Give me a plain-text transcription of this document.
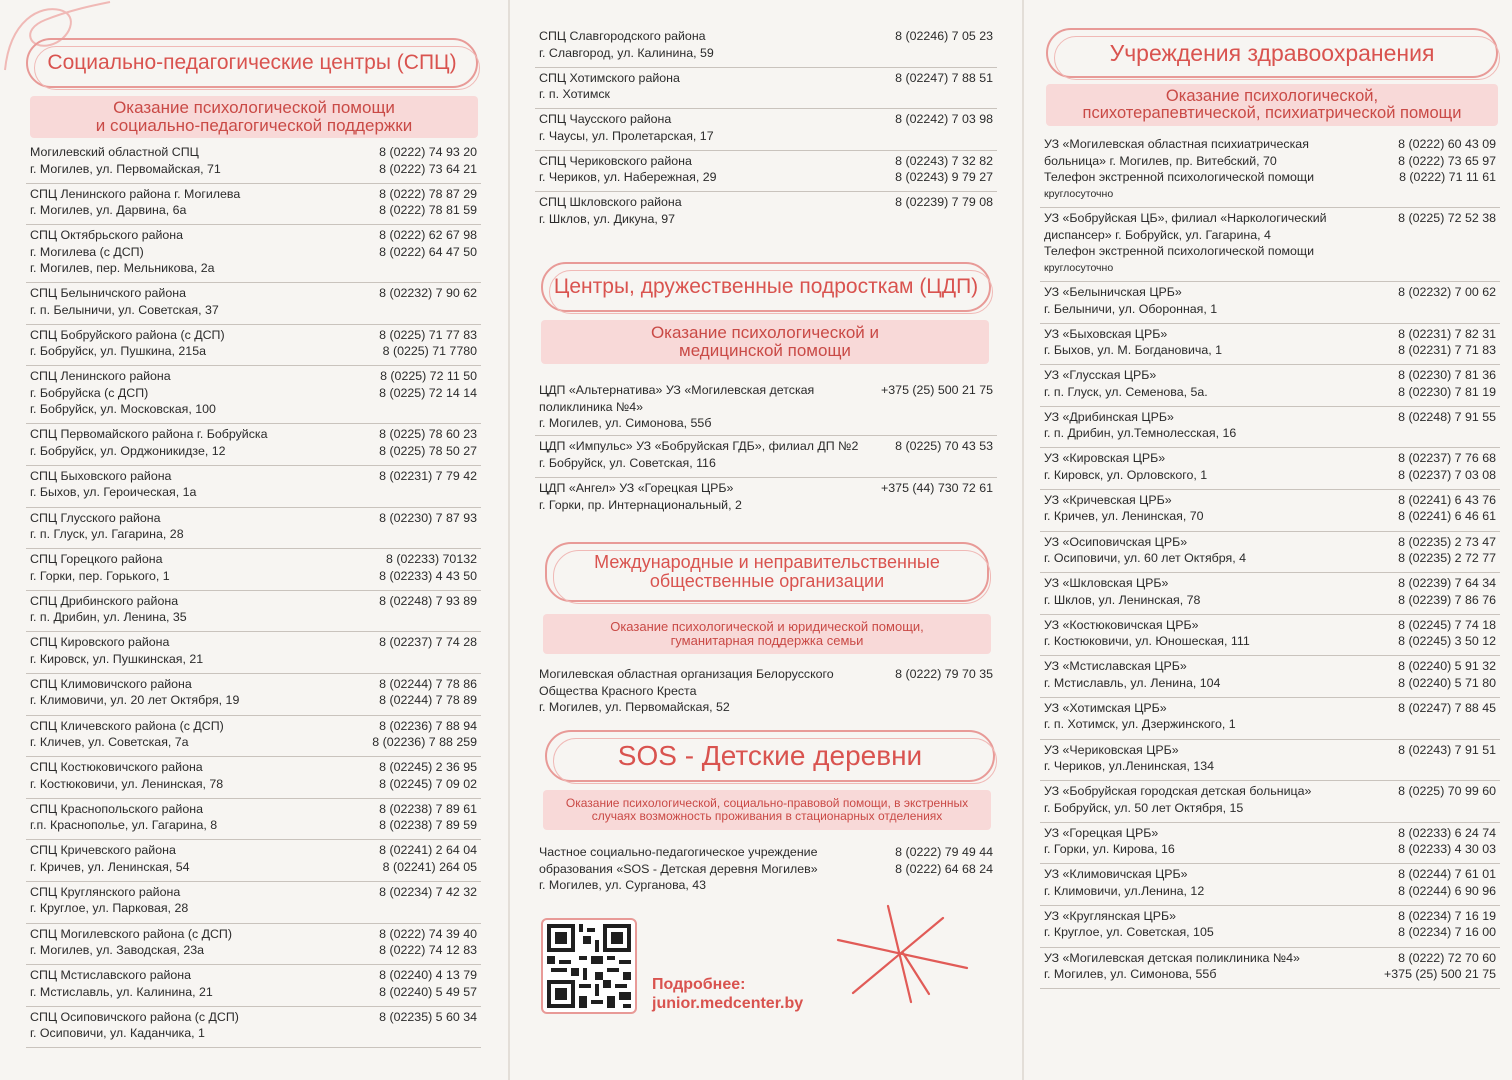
Социально-педагогические центры (СПЦ)
Оказание психологической помощи
и социально-педагогической поддержки
Могилевский областной СПЦ
г. Могилев, ул. Первомайская, 71
8 (0222) 74 93 20
8 (0222) 73 64 21
СПЦ Ленинского района г. Могилева
г. Могилев, ул. Дарвина, 6а
8 (0222) 78 87 29
8 (0222) 78 81 59
СПЦ Октябрьского района
г. Могилева (с ДСП)
г. Могилев, пер. Мельникова, 2а
8 (0222) 62 67 98
8 (0222) 64 47 50
СПЦ Белыничского района
г. п. Белыничи, ул. Советская, 37
8 (02232) 7 90 62
СПЦ Бобруйского района (с ДСП)
г. Бобруйск, ул. Пушкина, 215а
8 (0225) 71 77 83
8 (0225) 71 7780
СПЦ Ленинского района
г. Бобруйска (с ДСП)
г. Бобруйск, ул. Московская, 100
8 (0225) 72 11 50
8 (0225) 72 14 14
СПЦ Первомайского района г. Бобруйска
г. Бобруйск, ул. Орджоникидзе, 12
8 (0225) 78 60 23
8 (0225) 78 50 27
СПЦ Быховского района
г. Быхов, ул. Героическая, 1а
8 (02231) 7 79 42
СПЦ Глусского района
г. п. Глуск, ул. Гагарина, 28
8 (02230) 7 87 93
СПЦ Горецкого района
г. Горки, пер. Горького, 1
8 (02233) 70132
8 (02233) 4 43 50
СПЦ Дрибинского района
г. п. Дрибин, ул. Ленина, 35
8 (02248) 7 93 89
СПЦ Кировского района
г. Кировск, ул. Пушкинская, 21
8 (02237) 7 74 28
СПЦ Климовичского района
г. Климовичи, ул. 20 лет Октября, 19
8 (02244) 7 78 86
8 (02244) 7 78 89
СПЦ Кличевского района (с ДСП)
г. Кличев, ул. Советская, 7а
8 (02236) 7 88 94
8 (02236) 7 88 259
СПЦ Костюковичского района
г. Костюковичи, ул. Ленинская, 78
8 (02245) 2 36 95
8 (02245) 7 09 02
СПЦ Краснопольского района
г.п. Краснополье, ул. Гагарина, 8
8 (02238) 7 89 61
8 (02238) 7 89 59
СПЦ Кричевского района
г. Кричев, ул. Ленинская, 54
8 (02241) 2 64 04
8 (02241) 264 05
СПЦ Круглянского района
г. Круглое, ул. Парковая, 28
8 (02234) 7 42 32
СПЦ Могилевского района (с ДСП)
г. Могилев, ул. Заводская, 23а
8 (0222) 74 39 40
8 (0222) 74 12 83
СПЦ Мстиславского района
г. Мстиславль, ул. Калинина, 21
8 (02240) 4 13 79
8 (02240) 5 49 57
СПЦ Осиповичского района (с ДСП)
г. Осиповичи, ул. Каданчика, 1
8 (02235) 5 60 34
СПЦ Славгородского района
г. Славгород, ул. Калинина, 59
8 (02246) 7 05 23
СПЦ Хотимского района
г. п. Хотимск
8 (02247) 7 88 51
СПЦ Чаусского района
г. Чаусы, ул. Пролетарская, 17
8 (02242) 7 03 98
СПЦ Чериковского района
г. Чериков, ул. Набережная, 29
8 (02243) 7 32 82
8 (02243) 9 79 27
СПЦ Шкловского района
г. Шклов, ул. Дикуна, 97
8 (02239) 7 79 08
Центры, дружественные подросткам (ЦДП)
Оказание психологической и
медицинской помощи
ЦДП «Альтернатива» УЗ «Могилевская детская
поликлиника №4»
г. Могилев, ул. Симонова, 55б
+375 (25) 500 21 75
ЦДП «Импульс» УЗ «Бобруйская ГДБ», филиал ДП №2
г. Бобруйск, ул. Советская, 116
8 (0225) 70 43 53
ЦДП «Ангел» УЗ «Горецкая ЦРБ»
г. Горки, пр. Интернациональный, 2
+375 (44) 730 72 61
Международные и неправительственные
общественные организации
Оказание психологической и юридической помощи,
гуманитарная поддержка семьи
Могилевская областная организация Белорусского
Общества Красного Креста
г. Могилев, ул. Первомайская, 52
8 (0222) 79 70 35
SOS - Детские деревни
Оказание психологической, социально-правовой помощи, в экстренных
случаях возможность проживания в стационарных отделениях
Частное социально-педагогическое учреждение
образования «SOS - Детская деревня Могилев»
г. Могилев, ул. Сурганова, 43
8 (0222) 79 49 44
8 (0222) 64 68 24
Подробнее:
junior.medcenter.by
Учреждения здравоохранения
Оказание психологической,
психотерапевтической, психиатрической помощи
УЗ «Могилевская областная психиатрическая
больница» г. Могилев, пр. Витебский, 70
Телефон экстренной психологической помощи
круглосуточно
8 (0222) 60 43 09
8 (0222) 73 65 97
8 (0222) 71 11 61
УЗ «Бобруйская ЦБ», филиал «Наркологический
диспансер» г. Бобруйск, ул. Гагарина, 4
Телефон экстренной психологической помощи
круглосуточно
8 (0225) 72 52 38
УЗ «Белыничская ЦРБ»
г. Белыничи, ул. Оборонная, 1
8 (02232) 7 00 62
УЗ «Быховская ЦРБ»
г. Быхов, ул. М. Богдановича, 1
8 (02231) 7 82 31
8 (02231) 7 71 83
УЗ «Глусская ЦРБ»
г. п. Глуск, ул. Семенова, 5а.
8 (02230) 7 81 36
8 (02230) 7 81 19
УЗ «Дрибинская ЦРБ»
г. п. Дрибин, ул.Темнолесская, 16
8 (02248) 7 91 55
УЗ «Кировская ЦРБ»
г. Кировск, ул. Орловского, 1
8 (02237) 7 76 68
8 (02237) 7 03 08
УЗ «Кричевская ЦРБ»
г. Кричев, ул. Ленинская, 70
8 (02241) 6 43 76
8 (02241) 6 46 61
УЗ «Осиповичская ЦРБ»
г. Осиповичи, ул. 60 лет Октября, 4
8 (02235) 2 73 47
8 (02235) 2 72 77
УЗ «Шкловская ЦРБ»
г. Шклов, ул. Ленинская, 78
8 (02239) 7 64 34
8 (02239) 7 86 76
УЗ «Костюковичская ЦРБ»
г. Костюковичи, ул. Юношеская, 111
8 (02245) 7 74 18
8 (02245) 3 50 12
УЗ «Мстиславская ЦРБ»
г. Мстиславль, ул. Ленина, 104
8 (02240) 5 91 32
8 (02240) 5 71 80
УЗ «Хотимская ЦРБ»
г. п. Хотимск, ул. Дзержинского, 1
8 (02247) 7 88 45
УЗ «Чериковская ЦРБ»
г. Чериков, ул.Ленинская, 134
8 (02243) 7 91 51
УЗ «Бобруйская городская детская больница»
г. Бобруйск, ул. 50 лет Октября, 15
8 (0225) 70 99 60
УЗ «Горецкая ЦРБ»
г. Горки, ул. Кирова, 16
8 (02233) 6 24 74
8 (02233) 4 30 03
УЗ «Климовичская ЦРБ»
г. Климовичи, ул.Ленина, 12
8 (02244) 7 61 01
8 (02244) 6 90 96
УЗ «Круглянская ЦРБ»
г. Круглое, ул. Советская, 105
8 (02234) 7 16 19
8 (02234) 7 16 00
УЗ «Могилевская детская поликлиника №4»
г. Могилев, ул. Симонова, 55б
8 (0222) 72 70 60
+375 (25) 500 21 75
